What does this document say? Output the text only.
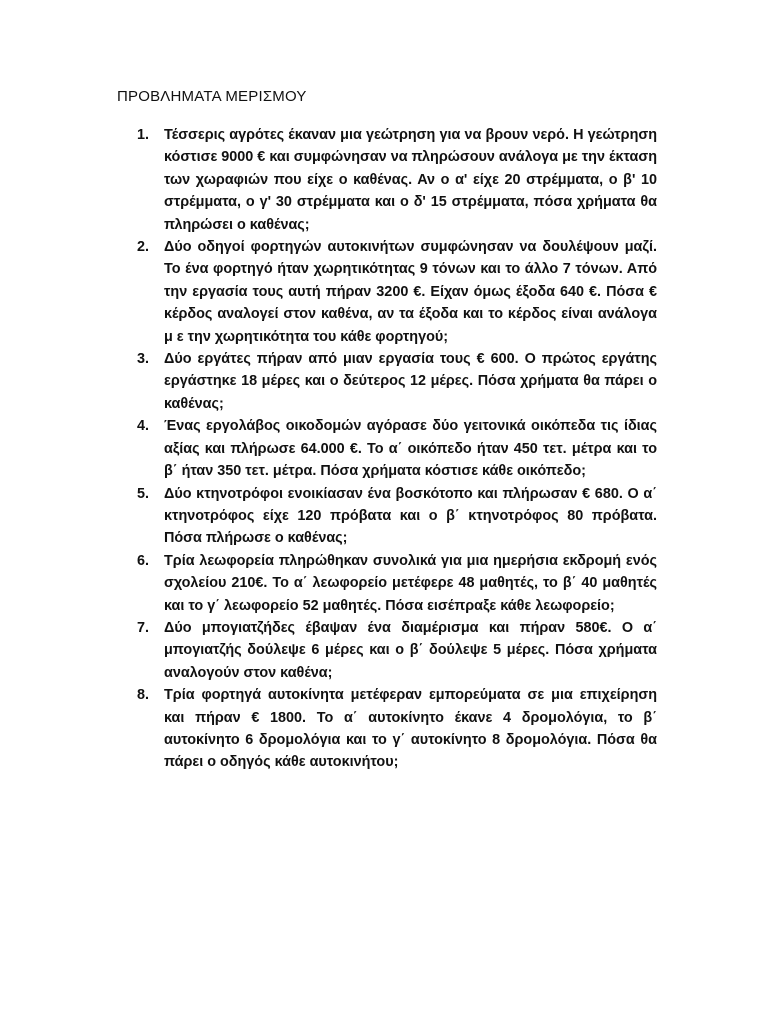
ΠΡΟΒΛΗΜΑΤΑ ΜΕΡΙΣΜΟΥ
1. Τέσσερις αγρότες έκαναν μια γεώτρηση για να βρουν νερό. Η γεώτρηση κόστισε 9000 € και συμφώνησαν να πληρώσουν ανάλογα με την έκταση των χωραφιών που είχε ο καθένας. Αν ο α' είχε 20 στρέμματα, ο β' 10 στρέμματα, ο γ' 30 στρέμματα και ο δ' 15 στρέμματα, πόσα χρήματα θα πληρώσει ο καθένας;
2. Δύο οδηγοί φορτηγών αυτοκινήτων συμφώνησαν να δουλέψουν μαζί. Το ένα φορτηγό ήταν χωρητικότητας 9 τόνων και το άλλο 7 τόνων. Από την εργασία τους αυτή πήραν 3200 €. Είχαν όμως έξοδα 640 €. Πόσα € κέρδος αναλογεί στον καθένα, αν τα έξοδα και το κέρδος είναι ανάλογα μ ε την χωρητικότητα του κάθε φορτηγού;
3. Δύο εργάτες πήραν από μιαν εργασία τους € 600. Ο πρώτος εργάτης εργάστηκε 18 μέρες και ο δεύτερος 12 μέρες. Πόσα χρήματα θα πάρει ο καθένας;
4. Ένας εργολάβος οικοδομών αγόρασε δύο γειτονικά οικόπεδα τις ίδιας αξίας και πλήρωσε 64.000 €. Το α΄ οικόπεδο ήταν 450 τετ. μέτρα και το β΄ ήταν 350 τετ. μέτρα. Πόσα χρήματα κόστισε κάθε οικόπεδο;
5. Δύο κτηνοτρόφοι ενοικίασαν ένα βοσκότοπο και πλήρωσαν € 680. Ο α΄ κτηνοτρόφος είχε 120 πρόβατα και ο β΄ κτηνοτρόφος 80 πρόβατα. Πόσα πλήρωσε ο καθένας;
6. Τρία λεωφορεία πληρώθηκαν συνολικά για μια ημερήσια εκδρομή ενός σχολείου 210€. Το α΄ λεωφορείο μετέφερε 48 μαθητές, το β΄ 40 μαθητές και το γ΄ λεωφορείο 52 μαθητές. Πόσα εισέπραξε κάθε λεωφορείο;
7. Δύο μπογιατζήδες έβαψαν ένα διαμέρισμα και πήραν 580€. Ο α΄ μπογιατζής δούλεψε 6 μέρες και ο β΄ δούλεψε 5 μέρες. Πόσα χρήματα αναλογούν στον καθένα;
8. Τρία φορτηγά αυτοκίνητα μετέφεραν εμπορεύματα σε μια επιχείρηση και πήραν € 1800. Το α΄ αυτοκίνητο έκανε 4 δρομολόγια, το β΄ αυτοκίνητο 6 δρομολόγια και το γ΄ αυτοκίνητο 8 δρομολόγια. Πόσα θα πάρει ο οδηγός κάθε αυτοκινήτου;
